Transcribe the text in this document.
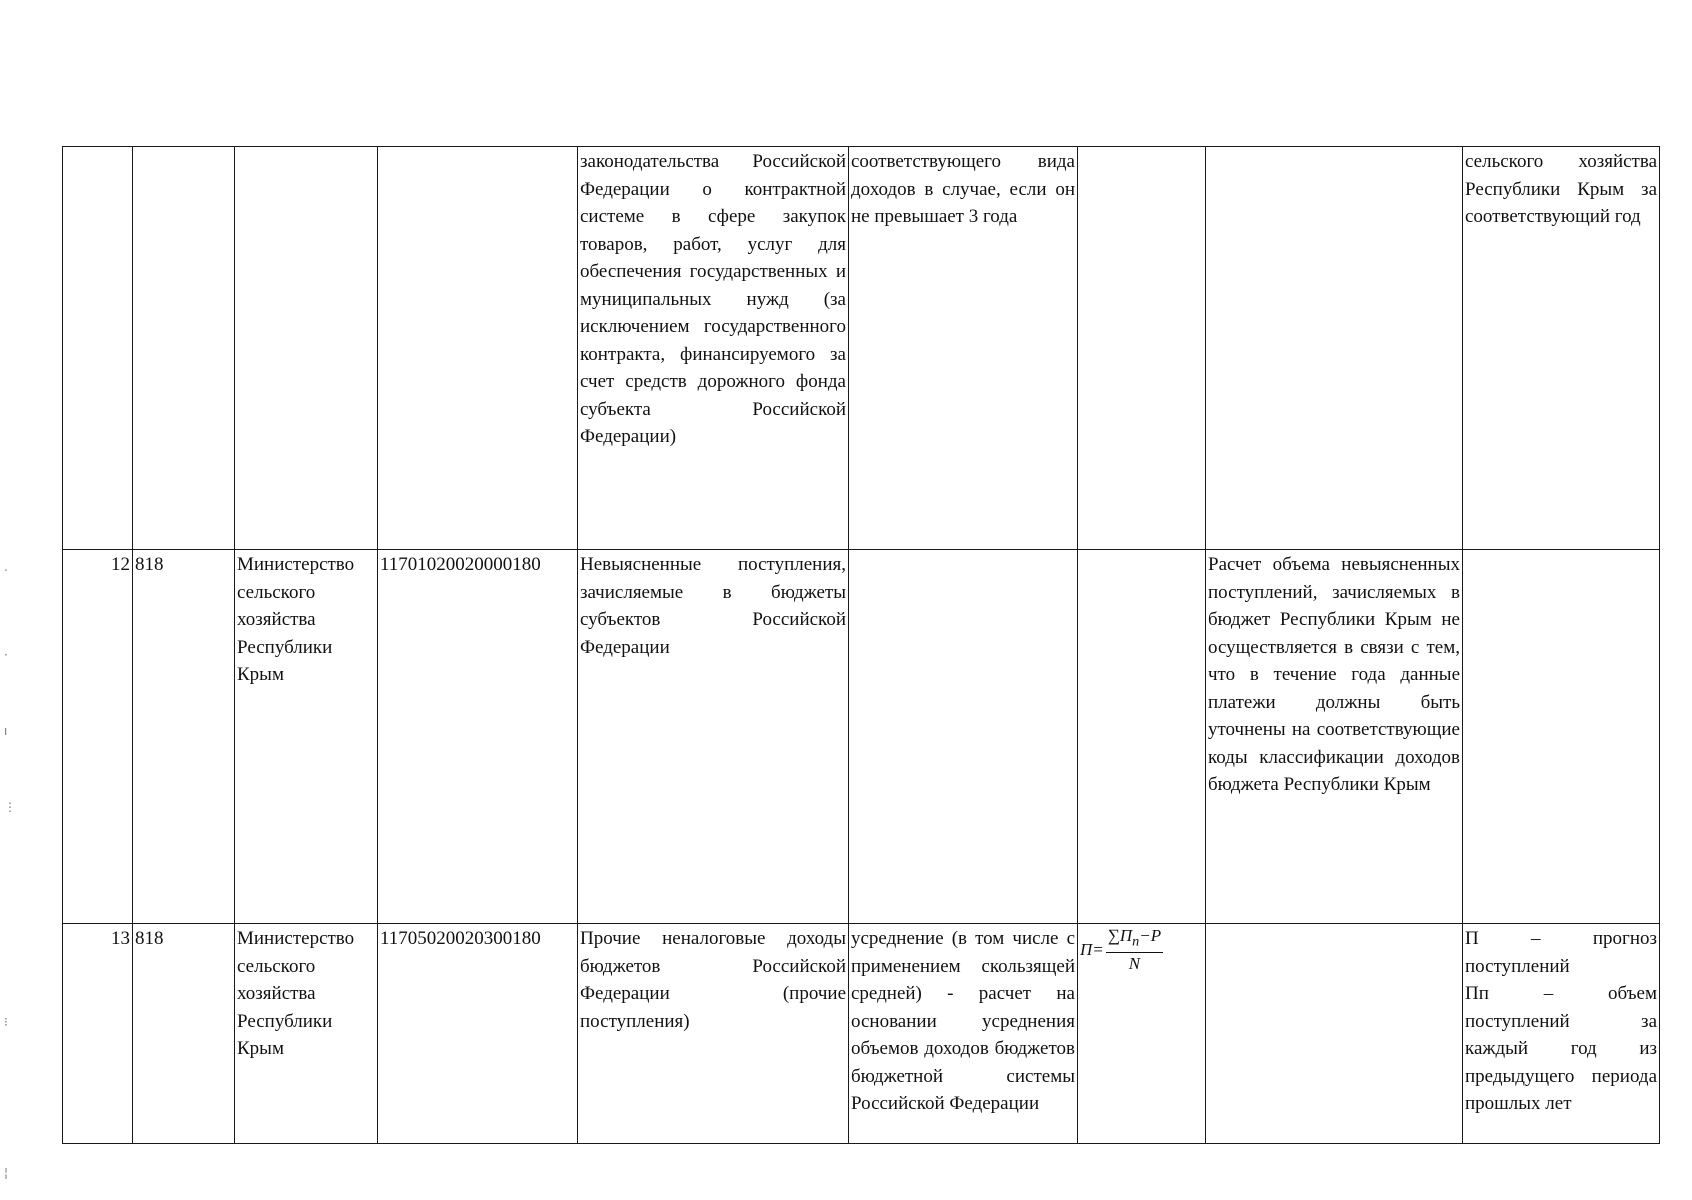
.
·
ı
⋮
⁝
¦
				законодательства Российской Федерации о контрактной системе в сфере закупок товаров, работ, услуг для обеспечения государственных и муниципальных нужд (за исключением государственного контракта, финансируемого за счет средств дорожного фонда субъекта Российской Федерации)	соответствующего вида доходов в случае, если он не превышает 3 года			сельского хозяйства Республики Крым за соответствующий год
12	818	Министерство сельского хозяйства Республики Крым	11701020020000180	Невыясненные поступления, зачисляемые в бюджеты субъектов Российской Федерации			Расчет объема невыясненных поступлений, зачисляемых в бюджет Республики Крым не осуществляется в связи с тем, что в течение года данные платежи должны быть уточнены на соответствующие коды классификации доходов бюджета Республики Крым	
13	818	Министерство сельского хозяйства Республики Крым	11705020020300180	Прочие неналоговые доходы бюджетов Российской Федерации (прочие поступления)	усреднение (в том числе с применением скользящей средней) - расчет на основании усреднения объемов доходов бюджетов бюджетной системы Российской Федерации	$П= \frac{\sum П_n-P}{N}$		П – прогноз поступлений
Пп – объем поступлений за каждый год из предыдущего периода прошлых лет
